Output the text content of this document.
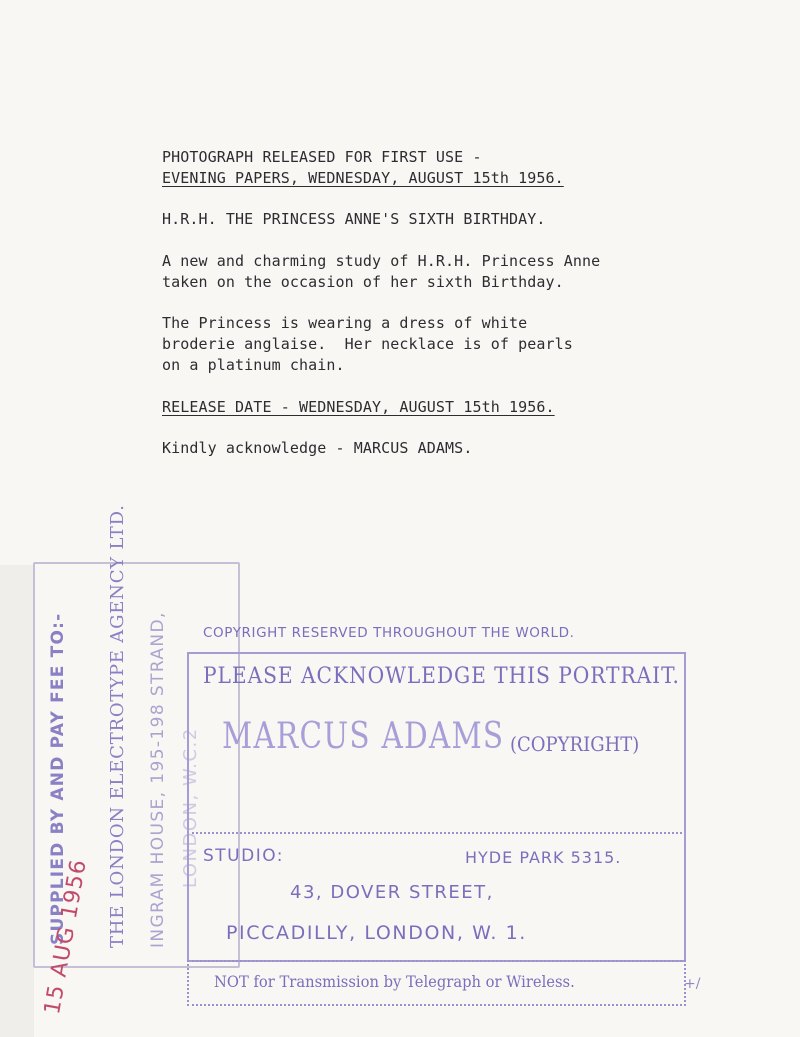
PHOTOGRAPH RELEASED FOR FIRST USE -
EVENING PAPERS, WEDNESDAY, AUGUST 15th 1956.
H.R.H. THE PRINCESS ANNE'S SIXTH BIRTHDAY.
A new and charming study of H.R.H. Princess Anne
taken on the occasion of her sixth Birthday.
The Princess is wearing a dress of white
broderie anglaise.  Her necklace is of pearls
on a platinum chain.
RELEASE DATE - WEDNESDAY, AUGUST 15th 1956.
Kindly acknowledge - MARCUS ADAMS.
SUPPLIED BY AND PAY FEE TO:- THE LONDON ELECTROTYPE AGENCY LTD. INGRAM HOUSE, 195-198 STRAND, LONDON, W.C.2
15 AUG 1956
COPYRIGHT RESERVED THROUGHOUT THE WORLD.
PLEASE ACKNOWLEDGE THIS PORTRAIT.
MARCUS ADAMS (COPYRIGHT)
STUDIO:	HYDE PARK 5315.
43, DOVER STREET,
PICCADILLY, LONDON, W. 1.
NOT for Transmission by Telegraph or Wireless.	+/
